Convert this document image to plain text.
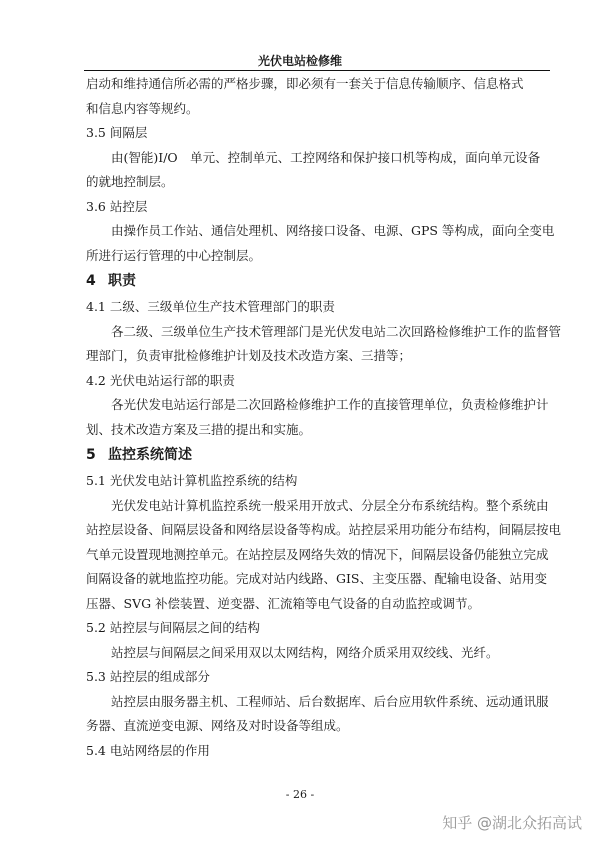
光伏电站检修维
启动和维持通信所必需的严格步骤，即必须有一套关于信息传输顺序、信息格式
和信息内容等规约。
3.5 间隔层
由(智能)I/O　单元、控制单元、工控网络和保护接口机等构成，面向单元设备
的就地控制层。
3.6 站控层
由操作员工作站、通信处理机、网络接口设备、电源、GPS 等构成，面向全变电
所进行运行管理的中心控制层。
4 职责
4.1 二级、三级单位生产技术管理部门的职责
各二级、三级单位生产技术管理部门是光伏发电站二次回路检修维护工作的监督管
理部门，负责审批检修维护计划及技术改造方案、三措等；
4.2 光伏电站运行部的职责
各光伏发电站运行部是二次回路检修维护工作的直接管理单位，负责检修维护计
划、技术改造方案及三措的提出和实施。
5 监控系统简述
5.1 光伏发电站计算机监控系统的结构
光伏发电站计算机监控系统一般采用开放式、分层全分布系统结构。整个系统由
站控层设备、间隔层设备和网络层设备等构成。站控层采用功能分布结构，间隔层按电
气单元设置现地测控单元。在站控层及网络失效的情况下，间隔层设备仍能独立完成
间隔设备的就地监控功能。完成对站内线路、GIS、主变压器、配输电设备、站用变
压器、SVG 补偿装置、逆变器、汇流箱等电气设备的自动监控或调节。
5.2 站控层与间隔层之间的结构
站控层与间隔层之间采用双以太网结构，网络介质采用双绞线、光纤。
5.3 站控层的组成部分
站控层由服务器主机、工程师站、后台数据库、后台应用软件系统、远动通讯服
务器、直流逆变电源、网络及对时设备等组成。
5.4 电站网络层的作用
- 26 -
知乎 @湖北众拓高试
